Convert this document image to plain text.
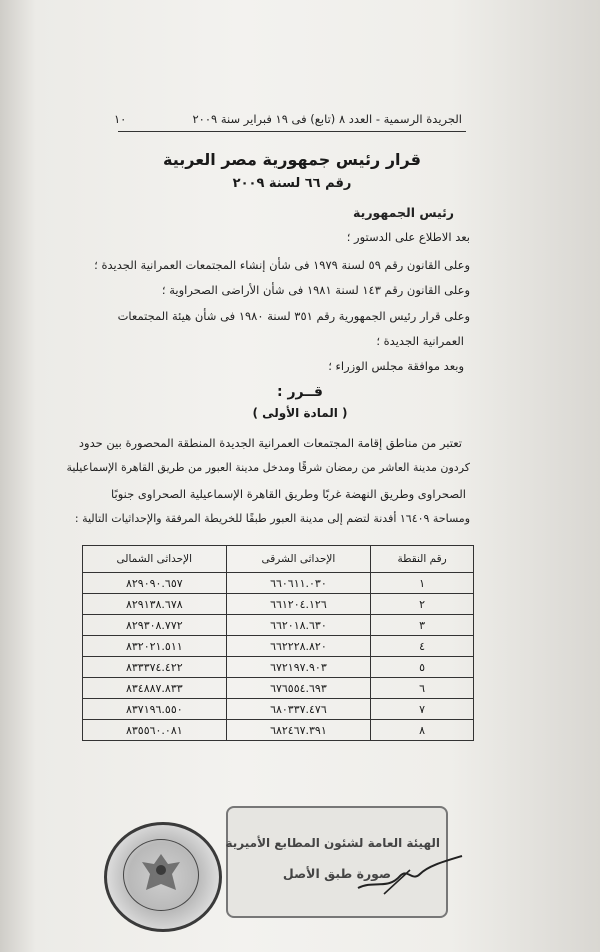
الجريدة الرسمية - العدد ٨ (تابع) فى ١٩ فبراير سنة ٢٠٠٩
١٠
قرار رئيس جمهورية مصر العربية
رقم ٦٦ لسنة ٢٠٠٩
رئيس الجمهورية
بعد الاطلاع على الدستور ؛
وعلى القانون رقم ٥٩ لسنة ١٩٧٩ فى شأن إنشاء المجتمعات العمرانية الجديدة ؛
وعلى القانون رقم ١٤٣ لسنة ١٩٨١ فى شأن الأراضى الصحراوية ؛
وعلى قرار رئيس الجمهورية رقم ٣٥١ لسنة ١٩٨٠ فى شأن هيئة المجتمعات
العمرانية الجديدة ؛
وبعد موافقة مجلس الوزراء ؛
قــرر :
( المادة الأولى )
تعتبر من مناطق إقامة المجتمعات العمرانية الجديدة المنطقة المحصورة بين حدود
كردون مدينة العاشر من رمضان شرقًا ومدخل مدينة العبور من طريق القاهرة الإسماعيلية
الصحراوى وطريق النهضة غربًا وطريق القاهرة الإسماعيلية الصحراوى جنوبًا
ومساحة ١٦٤٠٩ أفدنة لتضم إلى مدينة العبور طبقًا للخريطة المرفقة والإحداثيات التالية :
رقم النقطة	الإحداثى الشرقى	الإحداثى الشمالى
١	٦٦٠٦١١.٠٣٠	٨٢٩٠٩٠.٦٥٧
٢	٦٦١٢٠٤.١٢٦	٨٢٩١٣٨.٦٧٨
٣	٦٦٢٠١٨.٦٣٠	٨٢٩٣٠٨.٧٧٢
٤	٦٦٢٢٢٨.٨٢٠	٨٣٢٠٢١.٥١١
٥	٦٧٢١٩٧.٩٠٣	٨٣٣٣٧٤.٤٢٢
٦	٦٧٦٥٥٤.٦٩٣	٨٣٤٨٨٧.٨٣٣
٧	٦٨٠٣٣٧.٤٧٦	٨٣٧١٩٦.٥٥٠
٨	٦٨٢٤٦٧.٣٩١	٨٣٥٥٦٠.٠٨١
الهيئة العامة لشئون المطابع الأميرية
صورة طبق الأصل
